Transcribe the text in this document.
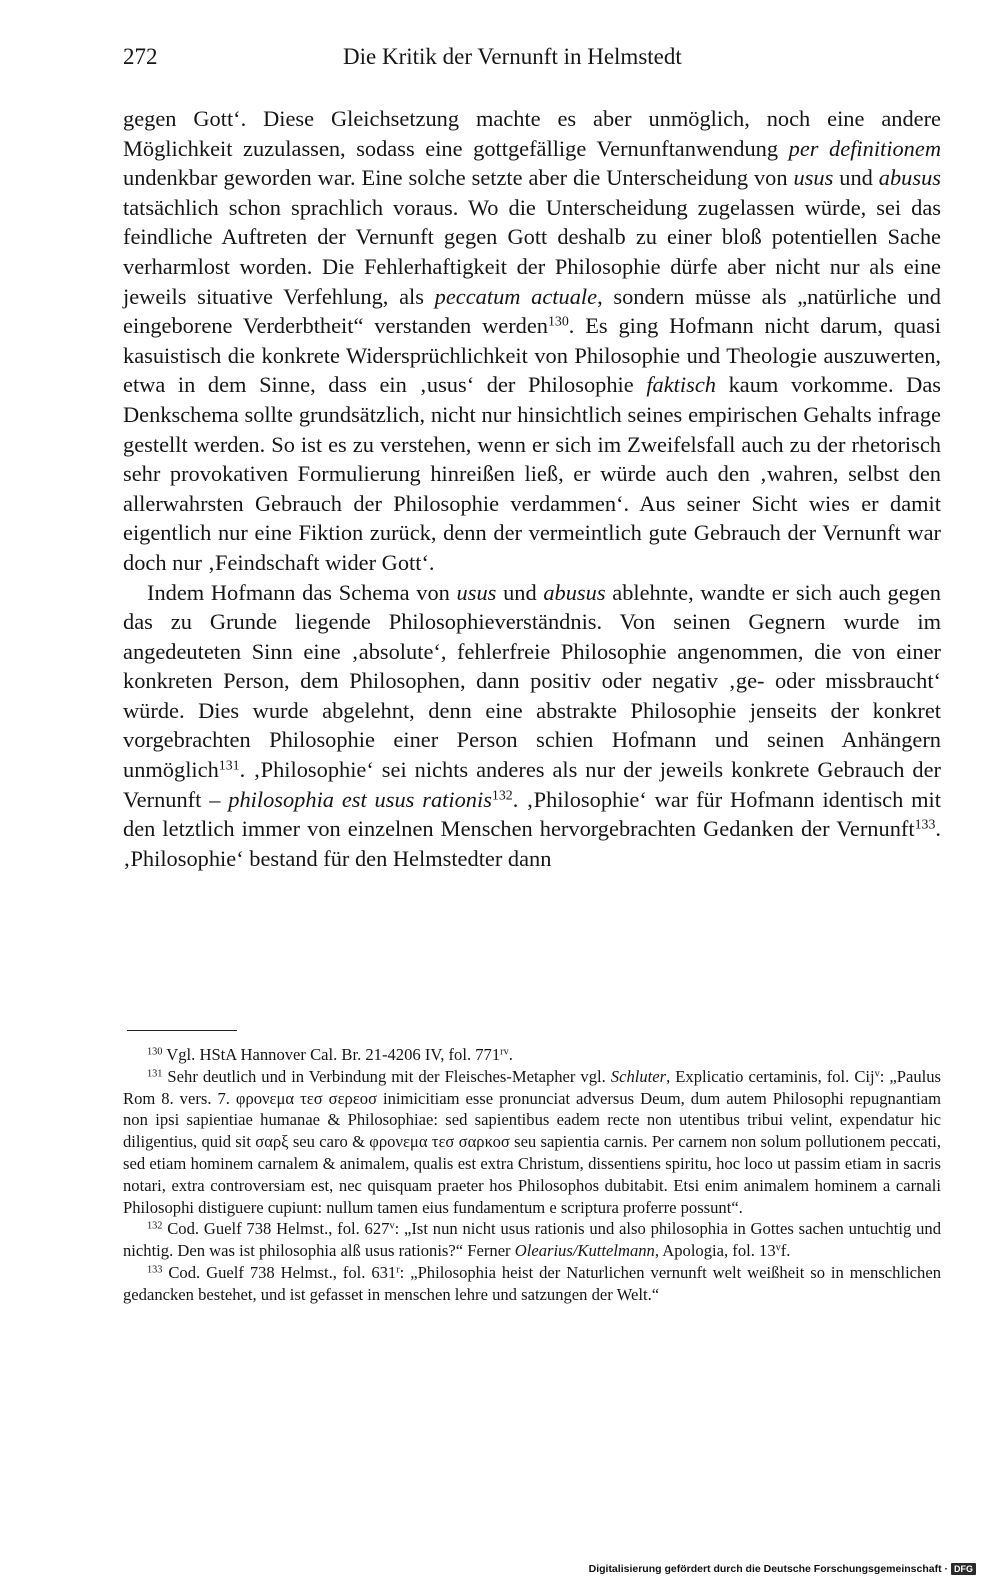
272	Die Kritik der Vernunft in Helmstedt

gegen Gott‘. Diese Gleichsetzung machte es aber unmöglich, noch eine andere Möglichkeit zuzulassen, sodass eine gottgefällige Vernunftanwendung per definitionem undenkbar geworden war. Eine solche setzte aber die Unterscheidung von usus und abusus tatsächlich schon sprachlich voraus. Wo die Unterscheidung zugelassen würde, sei das feindliche Auftreten der Vernunft gegen Gott deshalb zu einer bloß potentiellen Sache verharmlost worden. Die Fehlerhaftigkeit der Philosophie dürfe aber nicht nur als eine jeweils situative Verfehlung, als peccatum actuale, sondern müsse als „natürliche und eingeborene Verderbtheit“ verstanden werden$^{130}$. Es ging Hofmann nicht darum, quasi kasuistisch die konkrete Widersprüchlichkeit von Philosophie und Theologie auszuwerten, etwa in dem Sinne, dass ein ‚usus‘ der Philosophie faktisch kaum vorkomme. Das Denkschema sollte grundsätzlich, nicht nur hinsichtlich seines empirischen Gehalts infrage gestellt werden. So ist es zu verstehen, wenn er sich im Zweifelsfall auch zu der rhetorisch sehr provokativen Formulierung hinreißen ließ, er würde auch den ‚wahren, selbst den allerwahrsten Gebrauch der Philosophie verdammen‘. Aus seiner Sicht wies er damit eigentlich nur eine Fiktion zurück, denn der vermeintlich gute Gebrauch der Vernunft war doch nur ‚Feindschaft wider Gott‘.

Indem Hofmann das Schema von usus und abusus ablehnte, wandte er sich auch gegen das zu Grunde liegende Philosophieverständnis. Von seinen Gegnern wurde im angedeuteten Sinn eine ‚absolute‘, fehlerfreie Philosophie angenommen, die von einer konkreten Person, dem Philosophen, dann positiv oder negativ ‚ge- oder missbraucht‘ würde. Dies wurde abgelehnt, denn eine abstrakte Philosophie jenseits der konkret vorgebrachten Philosophie einer Person schien Hofmann und seinen Anhängern unmöglich$^{131}$. ‚Philosophie‘ sei nichts anderes als nur der jeweils konkrete Gebrauch der Vernunft – philosophia est usus rationis$^{132}$. ‚Philosophie‘ war für Hofmann identisch mit den letztlich immer von einzelnen Menschen hervorgebrachten Gedanken der Vernunft$^{133}$. ‚Philosophie‘ bestand für den Helmstedter dann

$^{130}$ Vgl. HStA Hannover Cal. Br. 21-4206 IV, fol. $771^{rv}$.

$^{131}$ Sehr deutlich und in Verbindung mit der Fleisches-Metapher vgl. Schluter, Explicatio certaminis, fol. Cij$^v$: „Paulus Rom 8. vers. 7. φρονεμα τεσ σερεοσ inimicitiam esse pronunciat adversus Deum, dum autem Philosophi repugnantiam non ipsi sapientiae humanae & Philosophiae: sed sapientibus eadem recte non utentibus tribui velint, expendatur hic diligentius, quid sit σαρξ seu caro & φρονεμα τεσ σαρκοσ seu sapientia carnis. Per carnem non solum pollutionem peccati, sed etiam hominem carnalem & animalem, qualis est extra Christum, dissentiens spiritu, hoc loco ut passim etiam in sacris notari, extra controversiam est, nec quisquam praeter hos Philosophos dubitabit. Etsi enim animalem hominem a carnali Philosophi distiguere cupiunt: nullum tamen eius fundamentum e scriptura proferre possunt“.

$^{132}$ Cod. Guelf 738 Helmst., fol. 627$^v$: „Ist nun nicht usus rationis und also philosophia in Gottes sachen untuchtig und nichtig. Den was ist philosophia alß usus rationis?“ Ferner Olearius/Kuttelmann, Apologia, fol. 13$^v$f.

$^{133}$ Cod. Guelf 738 Helmst., fol. 631$^r$: „Philosophia heist der Naturlichen vernunft welt weißheit so in menschlichen gedancken bestehet, und ist gefasset in menschen lehre und satzungen der Welt.“

Digitalisierung gefördert durch die Deutsche Forschungsgemeinschaft · DFG
